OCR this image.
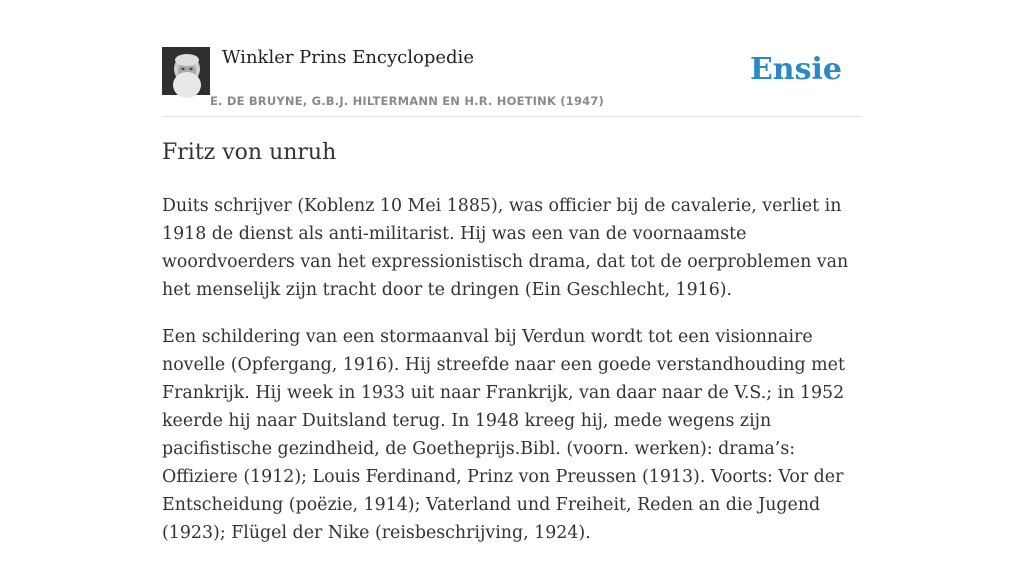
Winkler Prins Encyclopedie
E. DE BRUYNE, G.B.J. HILTERMANN EN H.R. HOETINK (1947)
Ensie
Fritz von unruh

Duits schrijver (Koblenz 10 Mei 1885), was officier bij de cavalerie, verliet in 1918 de dienst als anti-militarist. Hij was een van de voornaamste woordvoerders van het expressionistisch drama, dat tot de oerproblemen van het menselijk zijn tracht door te dringen (Ein Geschlecht, 1916).

Een schildering van een stormaanval bij Verdun wordt tot een visionnaire novelle (Opfergang, 1916). Hij streefde naar een goede verstandhouding met Frankrijk. Hij week in 1933 uit naar Frankrijk, van daar naar de V.S.; in 1952 keerde hij naar Duitsland terug. In 1948 kreeg hij, mede wegens zijn pacifistische gezindheid, de Goetheprijs.Bibl. (voorn. werken): drama’s: Offiziere (1912); Louis Ferdinand, Prinz von Preussen (1913). Voorts: Vor der Entscheidung (poëzie, 1914); Vaterland und Freiheit, Reden an die Jugend (1923); Flügel der Nike (reisbeschrijving, 1924).
